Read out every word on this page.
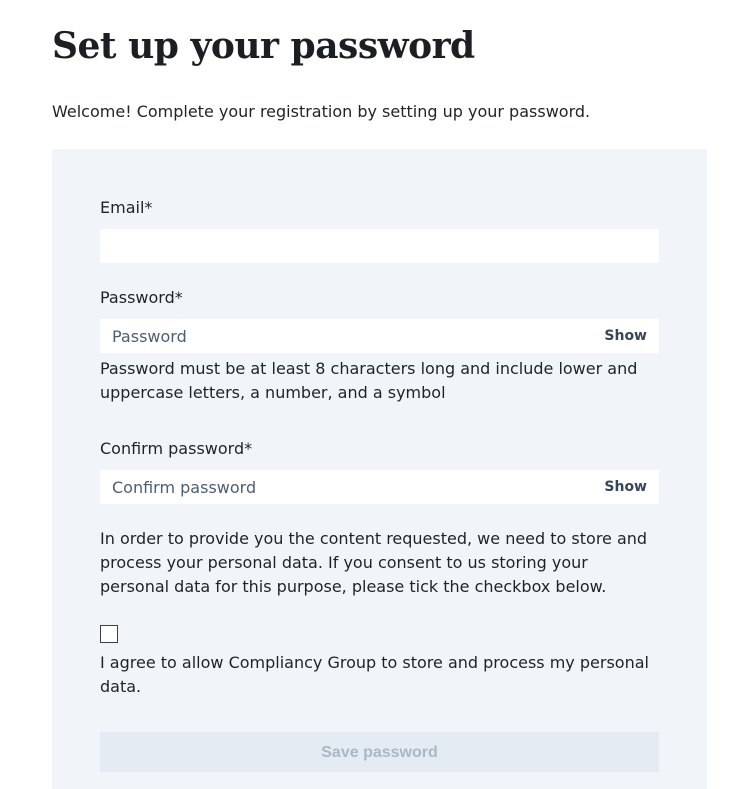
Set up your password

Welcome! Complete your registration by setting up your password.

Email*
Password*
Show

Password must be at least 8 characters long and include lower and uppercase letters, a number, and a symbol

Confirm password*
Show

In order to provide you the content requested, we need to store and process your personal data. If you consent to us storing your personal data for this purpose, please tick the checkbox below.

I agree to allow Compliancy Group to store and process my personal data.

Save password
